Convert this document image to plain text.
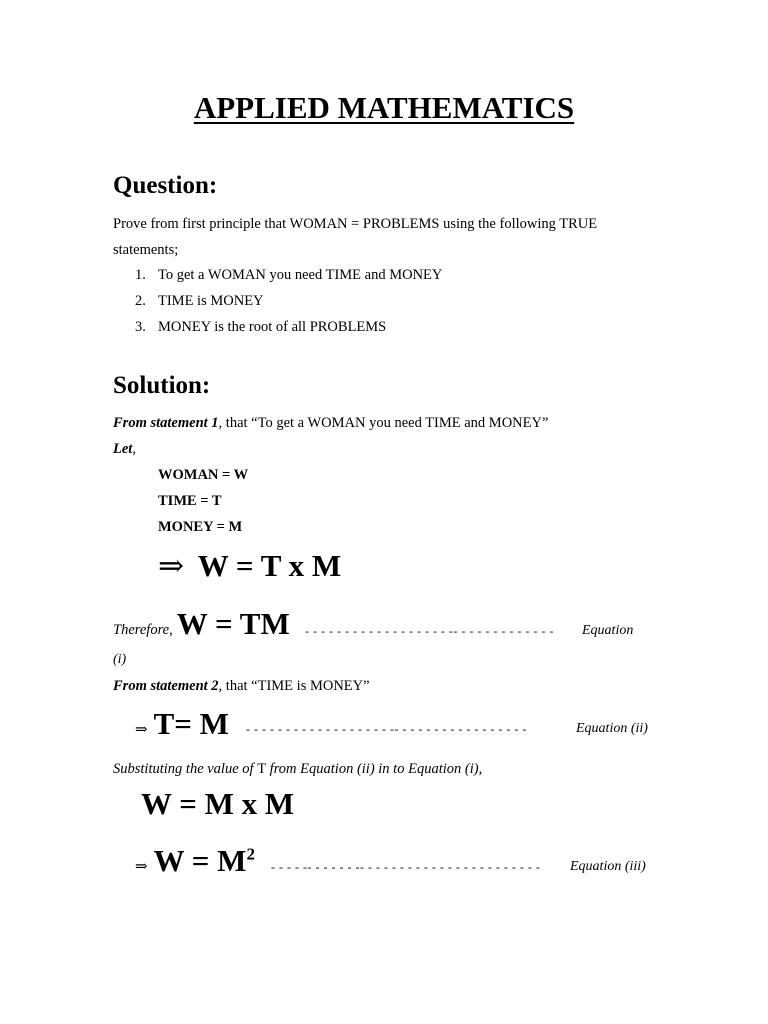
APPLIED MATHEMATICS
Question:
Prove from first principle that WOMAN = PROBLEMS using the following TRUE
statements;
1. To get a WOMAN you need TIME and MONEY
2. TIME is MONEY
3. MONEY is the root of all PROBLEMS
Solution:
From statement 1, that “To get a WOMAN you need TIME and MONEY”
Let,
WOMAN = W
TIME = T
MONEY = M
⇒ W = T x M
Therefore, W = TM - - - - - - - - - - - - - - - - - - -- - - - - - - - - - - - - Equation
(i)
From statement 2, that “TIME is MONEY”
⇒ T= M - - - - - - - - - - - - - - - - - - -- - - - - - - - - - - - - - - - -	Equation (ii)
Substituting the value of T from Equation (ii) in to Equation (i),
W = M x M
⇒ $W = M^2$
- - - - -- - - - - - -- - - - - - - - - - - - - - - - - - - - - - - Equation (iii)
